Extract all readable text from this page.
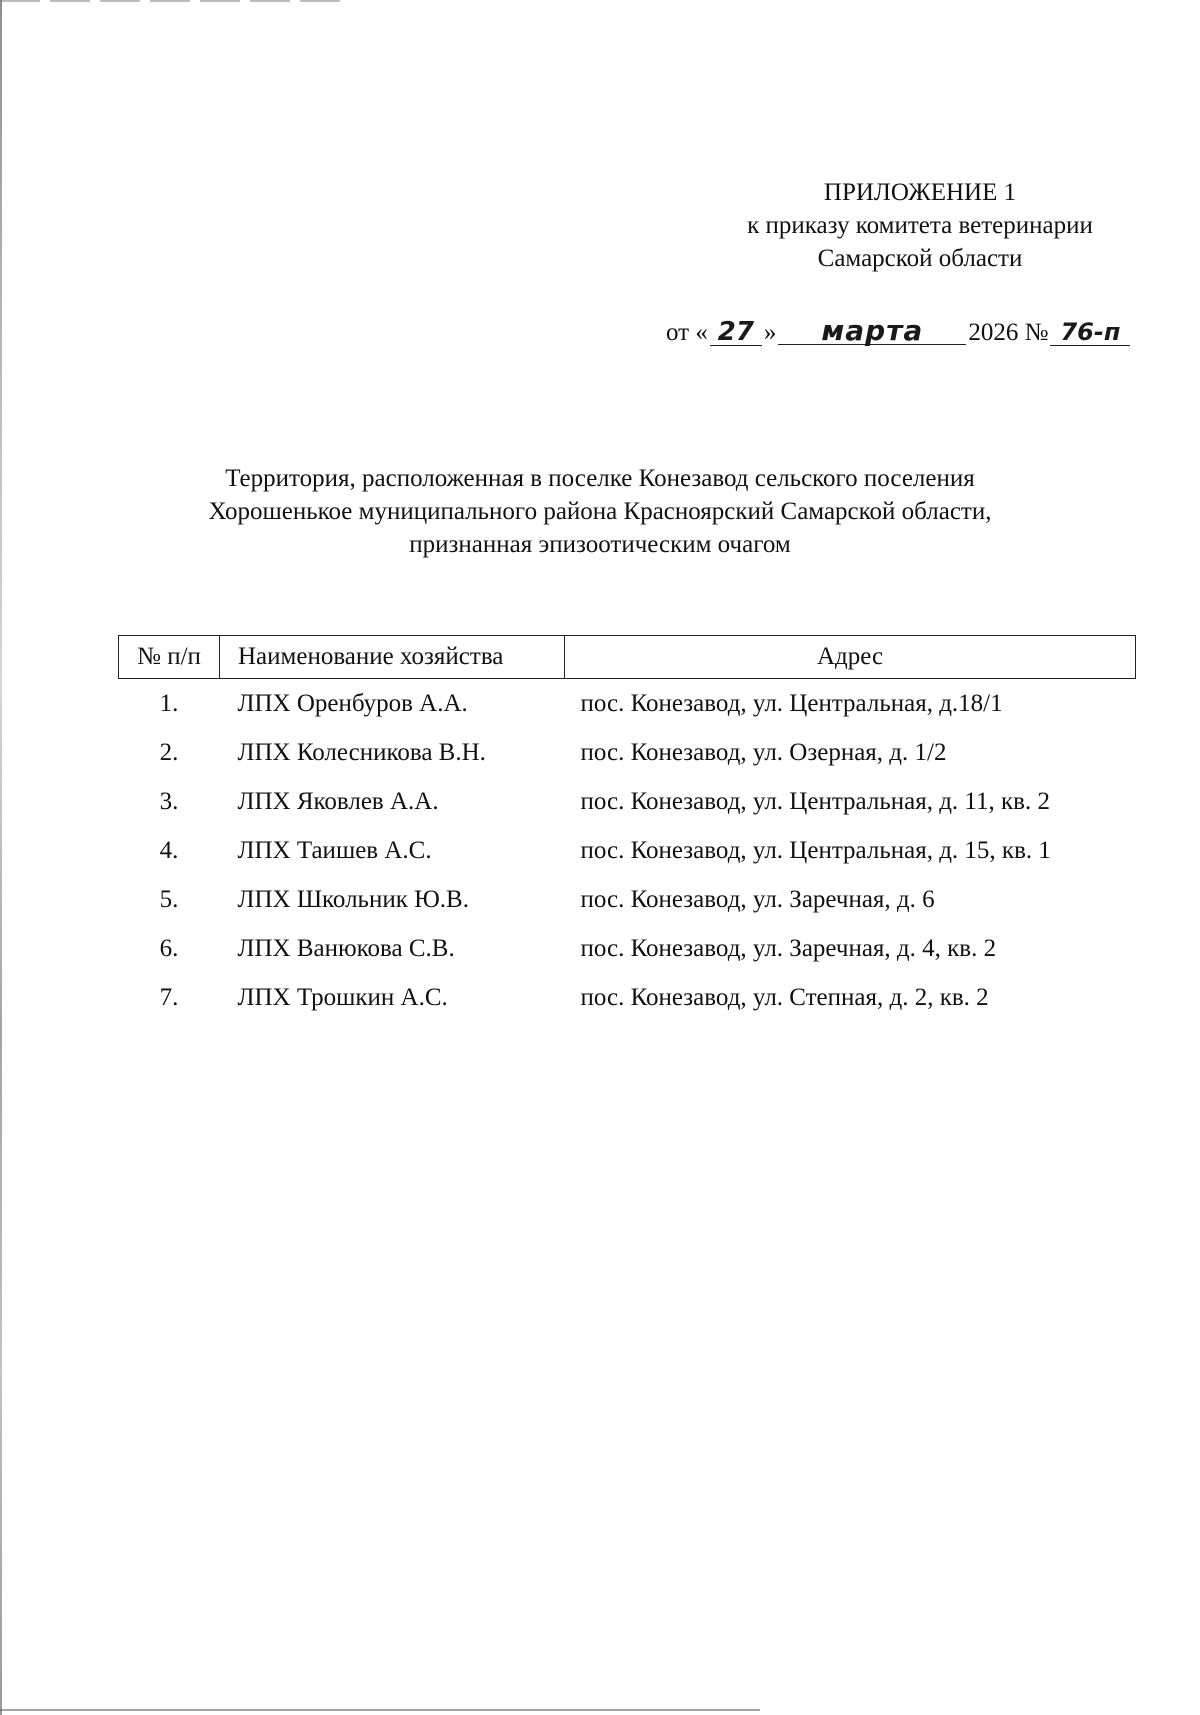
ПРИЛОЖЕНИЕ 1
к приказу комитета ветеринарии
Самарской области
от « 27 »	марта	2026 № 76-п
Территория, расположенная в поселке Конезавод сельского поселения
Хорошенькое муниципального района Красноярский Самарской области,
признанная эпизоотическим очагом
№ п/п	Наименование хозяйства	Адрес
1.	ЛПХ Оренбуров А.А.	пос. Конезавод, ул. Центральная, д.18/1
2.	ЛПХ Колесникова В.Н.	пос. Конезавод, ул. Озерная, д. 1/2
3.	ЛПХ Яковлев А.А.	пос. Конезавод, ул. Центральная, д. 11, кв. 2
4.	ЛПХ Таишев А.С.	пос. Конезавод, ул. Центральная, д. 15, кв. 1
5.	ЛПХ Школьник Ю.В.	пос. Конезавод, ул. Заречная, д. 6
6.	ЛПХ Ванюкова С.В.	пос. Конезавод, ул. Заречная, д. 4, кв. 2
7.	ЛПХ Трошкин А.С.	пос. Конезавод, ул. Степная, д. 2, кв. 2
